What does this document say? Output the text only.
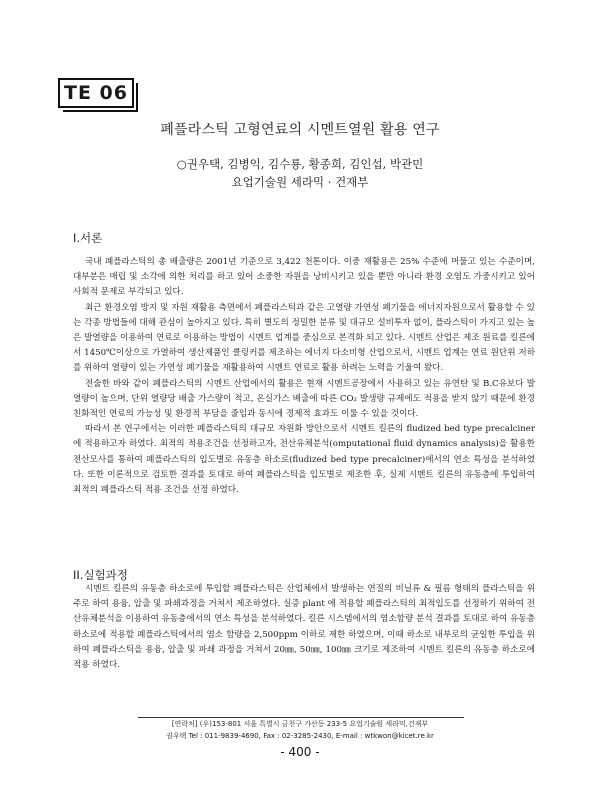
TE 06
폐플라스틱 고형연료의 시멘트열원 활용 연구
○권우택, 김병익, 김수룡, 황종희, 김인섭, 박관민
요업기술원 세라믹 · 건재부
I.서론

국내 폐플라스틱의 총 배출량은 2001년 기준으로 3,422 천톤이다. 이중 재활용은 25% 수준에 머물고 있는 수준이며, 대부분은 매립 및 소각에 의한 처리를 하고 있어 소중한 자원을 낭비시키고 있을 뿐만 아니라 환경 오염도 가중시키고 있어 사회적 문제로 부각되고 있다.

최근 환경오염 방지 및 자원 재활용 측면에서 폐플라스틱과 같은 고열량 가연성 폐기물을 에너지자원으로서 활용할 수 있는 각종 방법들에 대해 관심이 높아지고 있다. 특히 별도의 정밀한 분류 및 대규모 설비투자 없이, 플라스틱이 가지고 있는 높은 발열량을 이용하여 연료로 이용하는 방법이 시멘트 업계를 중심으로 본격화 되고 있다. 시멘트 산업은 제조 원료를 킬른에서 1450℃이상으로 가열하여 생산제품인 클링커를 제조하는 에너지 다소비형 산업으로서, 시멘트 업계는 연료 원단위 저하를 위하여 열량이 있는 가연성 폐기물을 재활용하여 시멘트 연료로 활용 하려는 노력을 기울여 왔다.

전술한 바와 같이 폐플라스틱의 시멘트 산업에서의 활용은 현재 시멘트공장에서 사용하고 있는 유연탄 및 B.C유보다 발열량이 높으며, 단위 열량당 배출 가스량이 적고, 온실가스 배출에 따른 CO₂ 발생량 규제에도 적용을 받지 않기 때문에 환경친화적인 연료의 가능성 및 환경적 부담을 줄임과 동시에 경제적 효과도 이룰 수 있을 것이다.

따라서 본 연구에서는 이러한 폐플라스틱의 대규모 자원화 방안으로서 시멘트 킬른의 fludized bed type precalciner에 적용하고자 하였다. 최적의 적용조건을 선정하고자, 전산유체분석(omputational fluid dynamics analysis)을 활용한 전산모사를 통하여 폐플라스틱의 입도별로 유동층 하소로(fludized bed type precalciner)에서의 연소 특성을 분석하였다. 또한 이론적으로 검토한 결과를 토대로 하여 폐플라스틱을 입도별로 제조한 후, 실제 시멘트 킬른의 유동층에 투입하여 최적의 폐플라스틱 적용 조건을 선정 하였다.

II.실험과정

시멘트 킬른의 유동층 하소로에 투입할 폐플라스틱은 산업체에서 발생하는 연질의 비닐류 & 필름 형태의 플라스틱을 위주로 하여 용융, 압출 및 파쇄과정을 거쳐서 제조하였다. 실증 plant 에 적용할 폐플라스틱의 최적입도를 선정하기 위하여 전산유체분석을 이용하여 유동층에서의 연소 특성을 분석하였다. 킬른 시스템에서의 염소함량 분석 결과를 토대로 하여 유동층 하소로에 적용할 폐플라스틱에서의 염소 함량을 2,500ppm 이하로 제한 하였으며, 이때 하소로 내부로의 균일한 투입을 위하여 폐플라스틱을 용융, 압출 및 파쇄 과정을 거쳐서 20㎜, 50㎜, 100㎜ 크기로 제조하여 시멘트 킬른의 유동층 하소로에 적용 하였다.

[연락처] (우)153-801 서울 특별시 금천구 가산동 233-5 요업기술원 세라믹,건재부
권우택 Tel : 011-9839-4690, Fax : 02-3285-2430, E-mail : wtkwon@kicet.re.kr
- 400 -
